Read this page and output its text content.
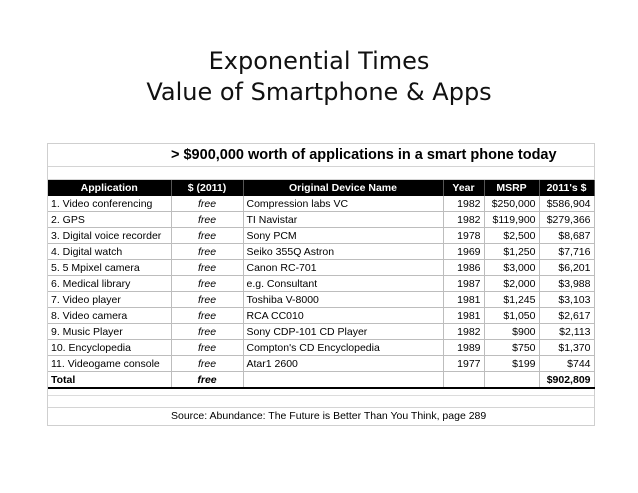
Exponential Times
Value of Smartphone & Apps
> $900,000 worth of applications in a smart phone today
Application	$ (2011)	Original Device Name	Year	MSRP	2011's $
1. Video conferencing	free	Compression labs VC	1982	$250,000	$586,904
2. GPS	free	TI Navistar	1982	$119,900	$279,366
3. Digital voice recorder	free	Sony PCM	1978	$2,500	$8,687
4. Digital watch	free	Seiko 355Q Astron	1969	$1,250	$7,716
5. 5 Mpixel camera	free	Canon RC-701	1986	$3,000	$6,201
6. Medical library	free	e.g. Consultant	1987	$2,000	$3,988
7. Video player	free	Toshiba V-8000	1981	$1,245	$3,103
8. Video camera	free	RCA CC010	1981	$1,050	$2,617
9. Music Player	free	Sony CDP-101 CD Player	1982	$900	$2,113
10. Encyclopedia	free	Compton's CD Encyclopedia	1989	$750	$1,370
11. Videogame console	free	Atar1 2600	1977	$199	$744
Total	free				$902,809
Source: Abundance: The Future is Better Than You Think, page 289
